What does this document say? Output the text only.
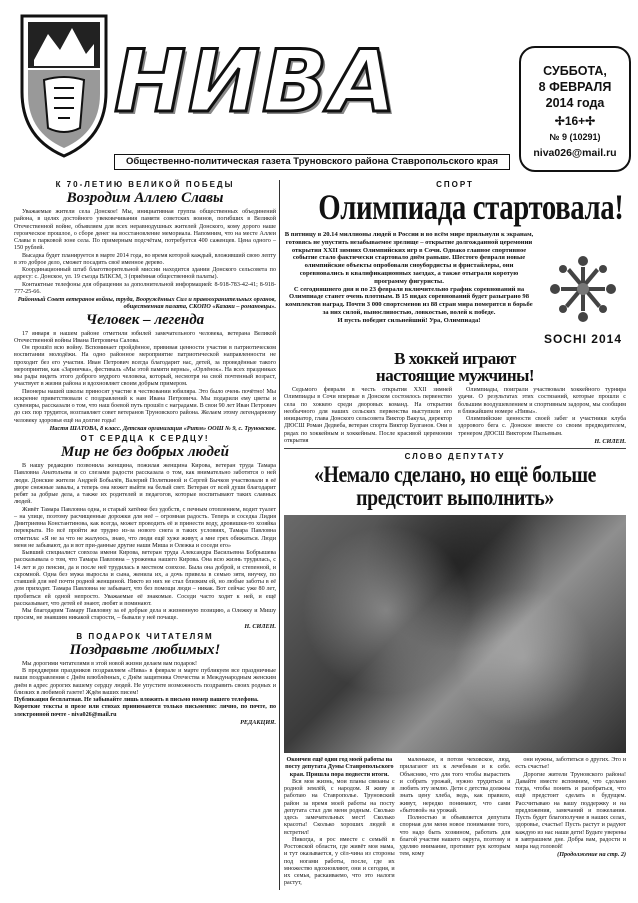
НИВА
Общественно-политическая газета Труновского района Ставропольского края
СУББОТА,
8 ФЕВРАЛЯ
2014 года
✢16+✢
№ 9 (10291)
niva026@mail.ru
К 70-ЛЕТИЮ ВЕЛИКОЙ ПОБЕДЫ
Возродим Аллею Славы
Уважаемые жители села Донское! Мы, инициативная группа общественных объединений района, в целях достойного увековечивания памяти советских воинов, погибших в Великой Отечественной войне, объявляем для всех неравнодушных жителей Донского, кому дорого наше героическое прошлое, о сборе денег на восстановление мемориала. Напомним, что на месте Аллеи Славы в парковой зоне села. По примерным подсчётам, потребуется 400 саженцев. Цена одного – 150 рублей.
Высадка будет планируется в марте 2014 года, во время которой каждый, вложивший свою лепту в это доброе дело, сможет посадить своё именное дерево.
Координационный штаб благотворительной миссии находится здании Донского сельсовета по адресу: с. Донское, ул. 19 съезда ВЛКСМ, 3 (приёмная общественной палаты).
Контактные телефоны для обращения за дополнительной информацией: 8-918-783-42-41; 8-918-777-25-66.
Районный Совет ветеранов войны, труда, Вооружённых Сил и правоохранительных органов, общественная палата, СКОПО «Казаки – романовцы».
Человек – легенда
17 января в нашем районе отметили юбилей замечательного человека, ветерана Великой Отечественной войны Ивана Петровича Салова.
Он прошёл всю войну. Вспоминает пройдённое, прививая ценности участия в патриотическом воспитании молодёжи. На одно районное мероприятие патриотической направленности не проходит без его участия. Иван Петрович всегда благодарит нас, детей, за проведённые такого мероприятия, как «Зарничка», фестиваль «Мы этой памяти верны», «Орлёнок». На всех праздниках мы рады видеть этого доброго мудрого человека, который, несмотря на свой почтенный возраст, участвует в жизни района и вдохновляет своим добрым примером.
Пионеры нашей школы приносят участие в чествовании юбиляра. Это было очень почётно! Мы искренне приветствовали с поздравлений к нам Ивана Петровича. Мы подарили ему цветы и сувениры, рассказали о том, что наш боевой путь прошёл с наградами. В свои 90 лет Иван Петрович до сих пор трудится, возглавляет совет ветеранов Труновского района. Желаем этому легендарному человеку здоровья ещё на долгие годы!
Настя ШАТОВА, 8 класс. Детская организация «Ритм» ООШ № 9, с. Труновское.
ОТ СЕРДЦА К СЕРДЦУ!
Мир не без добрых людей
В нашу редакцию позвонила женщина, пожилая женщина Кирова, ветеран труда Тамара Павловна Анатольева и со слезами радости рассказала о том, как внимательно заботятся о ней люди. Донские жители Андрей Бобылёв, Валерий Поляткиной и Сергей Бычков участвовали в её дворе снежные завалы, а теперь она может выйти на белый свет. Ветеран от всей души благодарит ребят за добрые дела, а также их родителей и педагогов, которые воспитывают таких славных людей.
Живёт Тамара Павловна одна, и старый хатёнке без удобств, с печным отоплением, водит туалет – на улице, поэтому расчищенные дорожки для неё – огромная радость. Теперь и соседка Лидия Дмитриевна Константинова, как всегда, может проводить её и принести воду, дровишки-то хозяйка перекрыта. Но всё пройти же трудно из-за нового снега в таких условиях, Тамара Павловна отметила: «Я не за что не жалуюсь, знаю, что люди ещё хуже живут, а мне грех обижаться. Люди меня не забывают, да и вот при-данные другие наши Миша и Олежка и соседи его»
Бывший специалист совхоза имени Кирова, ветеран труда Александра Васильевна Бобрышева рассказывала о том, что Тамара Павловна – уроженка нашего Кирова. Она всю жизнь трудилась, с 14 лет и до пенсии, да и после неё трудилась в местном совхозе. Была она доброй, и степенной, и скромной. Одна без мужа выросла и сына, женила их, а дочь привела в семью зятя, внучку, по ставшей для неё почти родной женщиной. Никто из них не стал близким ей, но любые заботы в её дом приходят. Тамара Павловна не забывает, что без помощи люди – никак. Вот сейчас уже 80 лет, пробиться ей одной непросто. Уважаемые её знакомые. Соседи часто ходят к ней, и ещё рассказывает, что детей её знают, любят и поминают.
Мы благодарим Тамару Павловну за её добрые дела и жизненную позицию, а Олежку и Мишу просим, не знавшим никакой старости, – бывали у неё почаще.
Н. СИЛЕН.
В ПОДАРОК ЧИТАТЕЛЯМ
Поздравьте любимых!
Мы дорогими читателями в этой новой жизни делаем вам подарок!
В преддверии праздников поздравляем «Нива» в феврале и марте публикуем все праздничные ваши поздравления с Днём влюблённых, с Днём защитника Отечества и Международным женским днём в адрес дорогих вашему сердцу людей. Не упустите возможность поздравить своих родных и близких в любимой газете! Ждём ваших писем!
Публикация бесплатная. Не забывайте лишь вложить в письмо номер вашего телефона.
Короткие тексты в прозе или стихах принимаются только письменно: лично, по почте, по электронной почте - niva026@mail.ru
РЕДАКЦИЯ.
СПОРТ
Олимпиада стартовала!
В пятницу в 20.14 миллионы людей в России и во всём мире прильнули к экранам, готовясь не упустить незабываемое зрелище – открытие долгожданной церемонии открытия XXII зимних Олимпийских игр в Сочи. Однако главное спортивное событие стало фактически стартовало днём раньше. Шестого февраля новые олимпийские объекты опробовали сноубордисты и фристайлеры, они соревновались в квалификационных заездах, а также отыграли коротую программу фигуристы.
С сегодняшнего дня и по 23 февраля включительно график соревнований на Олимпиаде станет очень плотным. В 15 видах соревнований будет разыграно 98 комплектов наград. Почти 3 000 спортсменов из 88 стран мира померятся в борьбе за них силой, выносливостью, ловкостью, волей к победе.
И пусть победит сильнейший! Ура, Олимпиада!
SOCHI 2014
В хоккей играют
настоящие мужчины!
Седьмого февраля в честь открытия XXII зимней Олимпиады в Сочи впервые в Донском состоялось первенство села по хоккею среди дворовых команд. На открытии необычного для наших сельских первенства выступили его инициатор, глава Донского сельсовета Виктор Вакуха, директор ДЮСШ Роман Дедвеба, ветеран спорта Виктор Булганов. Они в рядах по хоккейным и хоккейным. После красивой церемонии открытия
Олимпиады, поиграли участвовали хоккейного турнира удачи. О результатах этих состязаний, которые прошли с большим воодушевлением и спортивным задором, мы сообщим в ближайшем номере «Нивы».
Олимпийские ценности своей забег и участники клуба здорового бега с. Донское вместе со своим предводителем, тренером ДЮСШ Виктором Пыльевым.
Н. СИЛЕН.
СЛОВО ДЕПУТАТУ
«Немало сделано, но ещё больше
предстоит выполнить»
Окончен ещё один год моей работы на посту депутата Думы Ставропольского края. Пришла пора подвести итоги.
Вся моя жизнь, мои планы связаны с родной землёй, с народом. Я живу и работаю на Ставрополье. Труновский район за время моей работы на посту депутата стал для меня родным. Сколько здесь замечательных мест! Сколько красоты! Сколько хороших людей я встретил!
Никогда, я рос вместе с семьёй в Ростовской области, где живёт моя мама, и тут оказывается, у сёл-чина из стороны под ногами работы, после, где их множество вдохновляют, они и сегодня, и их семья, раскаиваемо, что это налоги растут,
маленькое, я потом чеховское, люд, прилагают их к лечебным и к себе. Объясняю, что для того чтобы вырастить и собрать урожай, нужно трудиться и любить эту землю. Дети с детства должны знать цену хлеба, ведь, как правило, живут, нередко понимают, что сами «бытовой» на урожай.
Полностью и объявляется депутата спорная для меня новое понимание того, что надо быть хозяином, работать для благой участие нашего округа, поэтому и уделяю внимание, противит рук которым тем, кому
они нужны, заботиться о других. Это и есть счастье!
Дорогие жители Труновского района! Давайте вместе вспомним, что сделано тогда, чтобы понять и разобраться, что ещё предстоит сделать в будущем. Рассчитываю на вашу поддержку и на предложения, замечаний и пожелания. Пусть будет благополучие в наших селах, здоровье, счастье! Пусть растут и радуют каждую из нас наши дети! Будьте уверены в завтрашнем дне. Добра вам, радости и мира над головой!
(Продолжение на стр. 2)
